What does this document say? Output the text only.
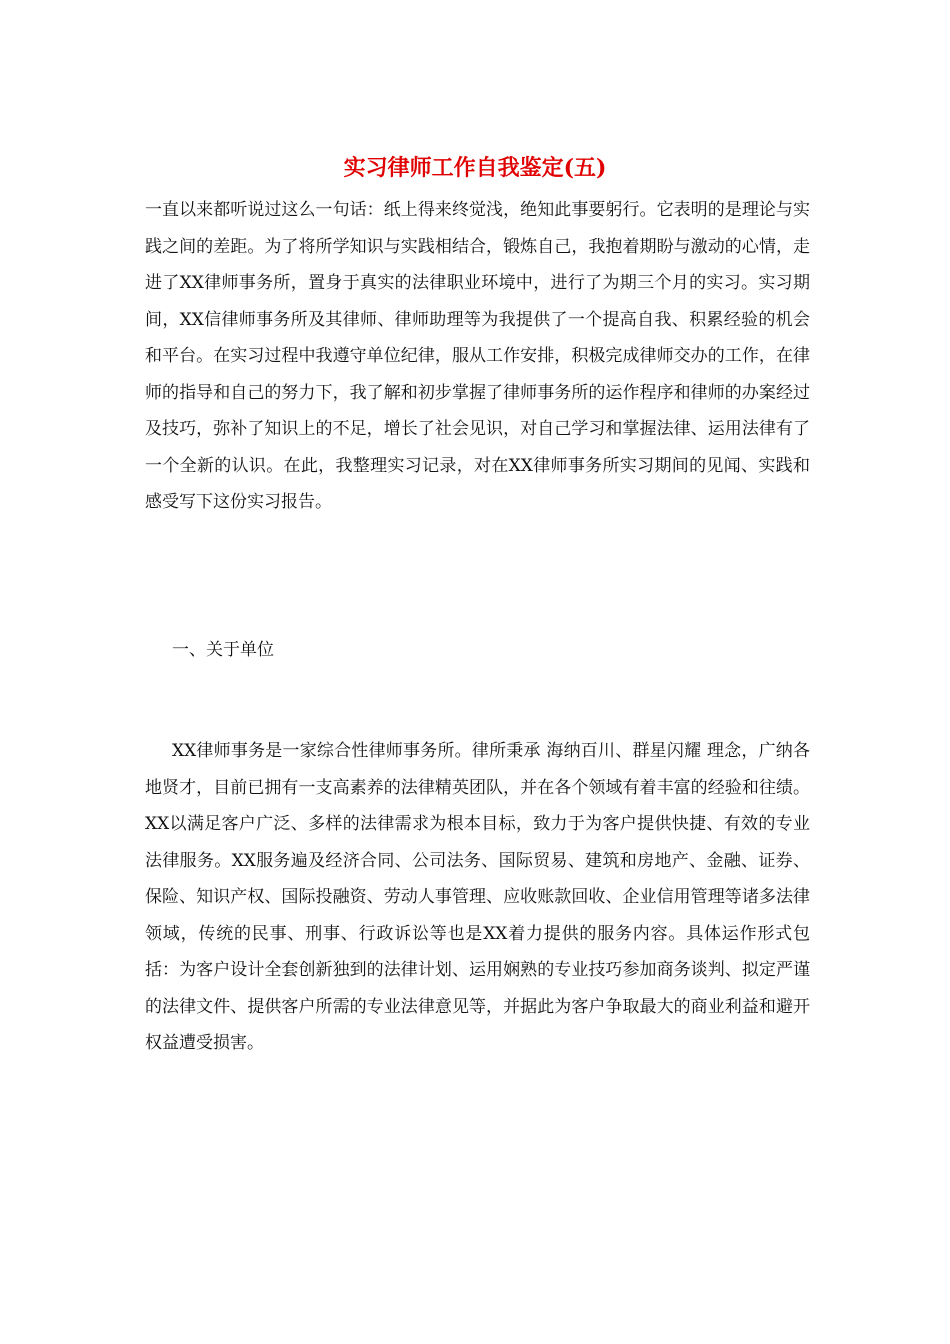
实习律师工作自我鉴定(五)

一直以来都听说过这么一句话：纸上得来终觉浅，绝知此事要躬行。它表明的是理论与实践之间的差距。为了将所学知识与实践相结合，锻炼自己，我抱着期盼与激动的心情，走进了XX律师事务所，置身于真实的法律职业环境中，进行了为期三个月的实习。实习期间，XX信律师事务所及其律师、律师助理等为我提供了一个提高自我、积累经验的机会和平台。在实习过程中我遵守单位纪律，服从工作安排，积极完成律师交办的工作，在律师的指导和自己的努力下，我了解和初步掌握了律师事务所的运作程序和律师的办案经过及技巧，弥补了知识上的不足，增长了社会见识，对自己学习和掌握法律、运用法律有了一个全新的认识。在此，我整理实习记录，对在XX律师事务所实习期间的见闻、实践和感受写下这份实习报告。

一、关于单位

XX律师事务是一家综合性律师事务所。律所秉承 海纳百川、群星闪耀 理念，广纳各地贤才，目前已拥有一支高素养的法律精英团队，并在各个领域有着丰富的经验和往绩。XX以满足客户广泛、多样的法律需求为根本目标，致力于为客户提供快捷、有效的专业法律服务。XX服务遍及经济合同、公司法务、国际贸易、建筑和房地产、金融、证券、保险、知识产权、国际投融资、劳动人事管理、应收账款回收、企业信用管理等诸多法律领域，传统的民事、刑事、行政诉讼等也是XX着力提供的服务内容。具体运作形式包括：为客户设计全套创新独到的法律计划、运用娴熟的专业技巧参加商务谈判、拟定严谨的法律文件、提供客户所需的专业法律意见等，并据此为客户争取最大的商业利益和避开权益遭受损害。
